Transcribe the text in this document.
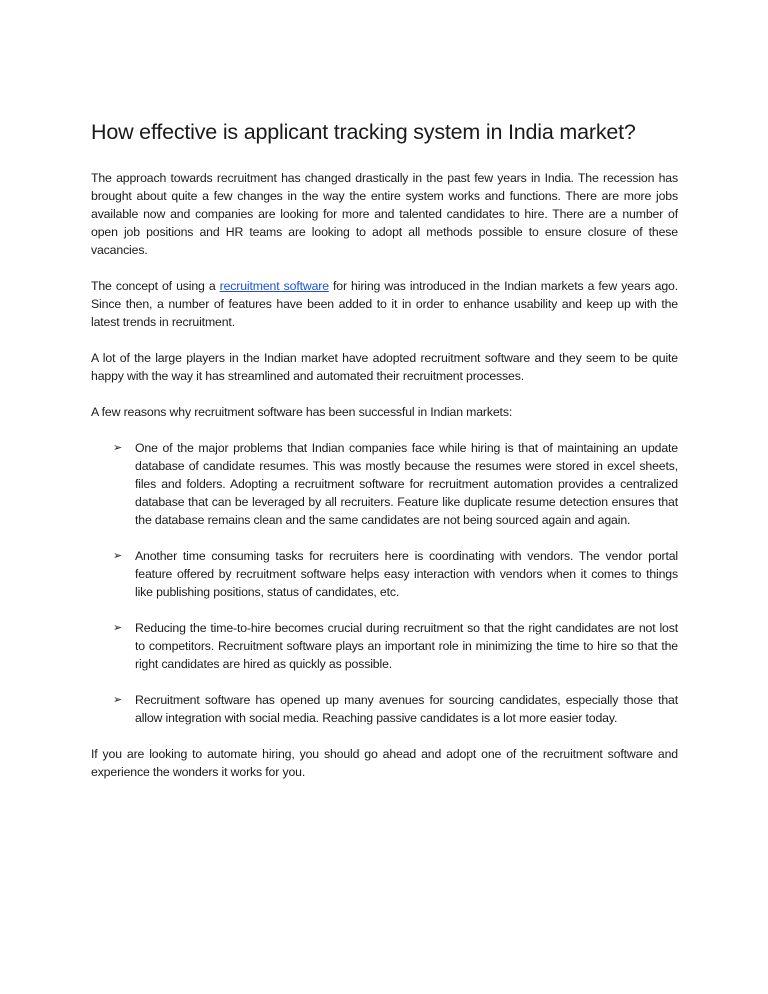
How effective is applicant tracking system in India market?

The approach towards recruitment has changed drastically in the past few years in India. The recession has brought about quite a few changes in the way the entire system works and functions. There are more jobs available now and companies are looking for more and talented candidates to hire. There are a number of open job positions and HR teams are looking to adopt all methods possible to ensure closure of these vacancies.

The concept of using a recruitment software for hiring was introduced in the Indian markets a few years ago. Since then, a number of features have been added to it in order to enhance usability and keep up with the latest trends in recruitment.

A lot of the large players in the Indian market have adopted recruitment software and they seem to be quite happy with the way it has streamlined and automated their recruitment processes.

A few reasons why recruitment software has been successful in Indian markets:

➢ One of the major problems that Indian companies face while hiring is that of maintaining an update database of candidate resumes. This was mostly because the resumes were stored in excel sheets, files and folders. Adopting a recruitment software for recruitment automation provides a centralized database that can be leveraged by all recruiters. Feature like duplicate resume detection ensures that the database remains clean and the same candidates are not being sourced again and again.
➢ Another time consuming tasks for recruiters here is coordinating with vendors. The vendor portal feature offered by recruitment software helps easy interaction with vendors when it comes to things like publishing positions, status of candidates, etc.
➢ Reducing the time-to-hire becomes crucial during recruitment so that the right candidates are not lost to competitors. Recruitment software plays an important role in minimizing the time to hire so that the right candidates are hired as quickly as possible.
➢ Recruitment software has opened up many avenues for sourcing candidates, especially those that allow integration with social media. Reaching passive candidates is a lot more easier today.

If you are looking to automate hiring, you should go ahead and adopt one of the recruitment software and experience the wonders it works for you.
